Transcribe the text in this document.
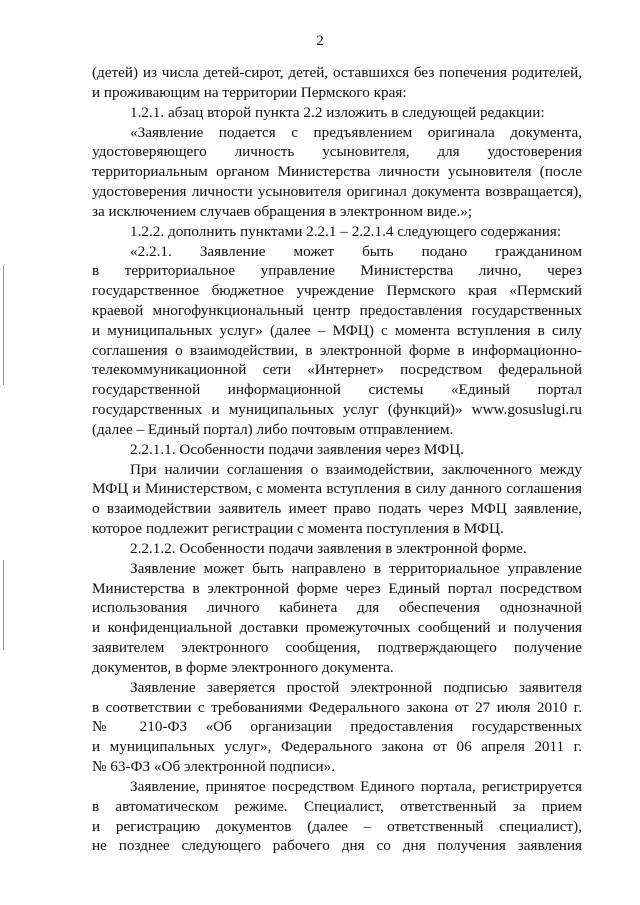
2
(детей) из числа детей-сирот, детей, оставшихся без попечения родителей,
и проживающим на территории Пермского края:
1.2.1. абзац второй пункта 2.2 изложить в следующей редакции:
«Заявление подается с предъявлением оригинала документа,
удостоверяющего личность усыновителя, для удостоверения
территориальным органом Министерства личности усыновителя (после
удостоверения личности усыновителя оригинал документа возвращается),
за исключением случаев обращения в электронном виде.»;
1.2.2. дополнить пунктами 2.2.1 – 2.2.1.4 следующего содержания:
«2.2.1. Заявление может быть подано гражданином
в территориальное управление Министерства лично, через
государственное бюджетное учреждение Пермского края «Пермский
краевой многофункциональный центр предоставления государственных
и муниципальных услуг» (далее – МФЦ) с момента вступления в силу
соглашения о взаимодействии, в электронной форме в информационно-
телекоммуникационной сети «Интернет» посредством федеральной
государственной информационной системы «Единый портал
государственных и муниципальных услуг (функций)» www.gosuslugi.ru
(далее – Единый портал) либо почтовым отправлением.
2.2.1.1. Особенности подачи заявления через МФЦ.
При наличии соглашения о взаимодействии, заключенного между
МФЦ и Министерством, с момента вступления в силу данного соглашения
о взаимодействии заявитель имеет право подать через МФЦ заявление,
которое подлежит регистрации с момента поступления в МФЦ.
2.2.1.2. Особенности подачи заявления в электронной форме.
Заявление может быть направлено в территориальное управление
Министерства в электронной форме через Единый портал посредством
использования личного кабинета для обеспечения однозначной
и конфиденциальной доставки промежуточных сообщений и получения
заявителем электронного сообщения, подтверждающего получение
документов, в форме электронного документа.
Заявление заверяется простой электронной подписью заявителя
в соответствии с требованиями Федерального закона от 27 июля 2010 г.
№ 210-ФЗ «Об организации предоставления государственных
и муниципальных услуг», Федерального закона от 06 апреля 2011 г.
№ 63-ФЗ «Об электронной подписи».
Заявление, принятое посредством Единого портала, регистрируется
в автоматическом режиме. Специалист, ответственный за прием
и регистрацию документов (далее – ответственный специалист),
не позднее следующего рабочего дня со дня получения заявления
